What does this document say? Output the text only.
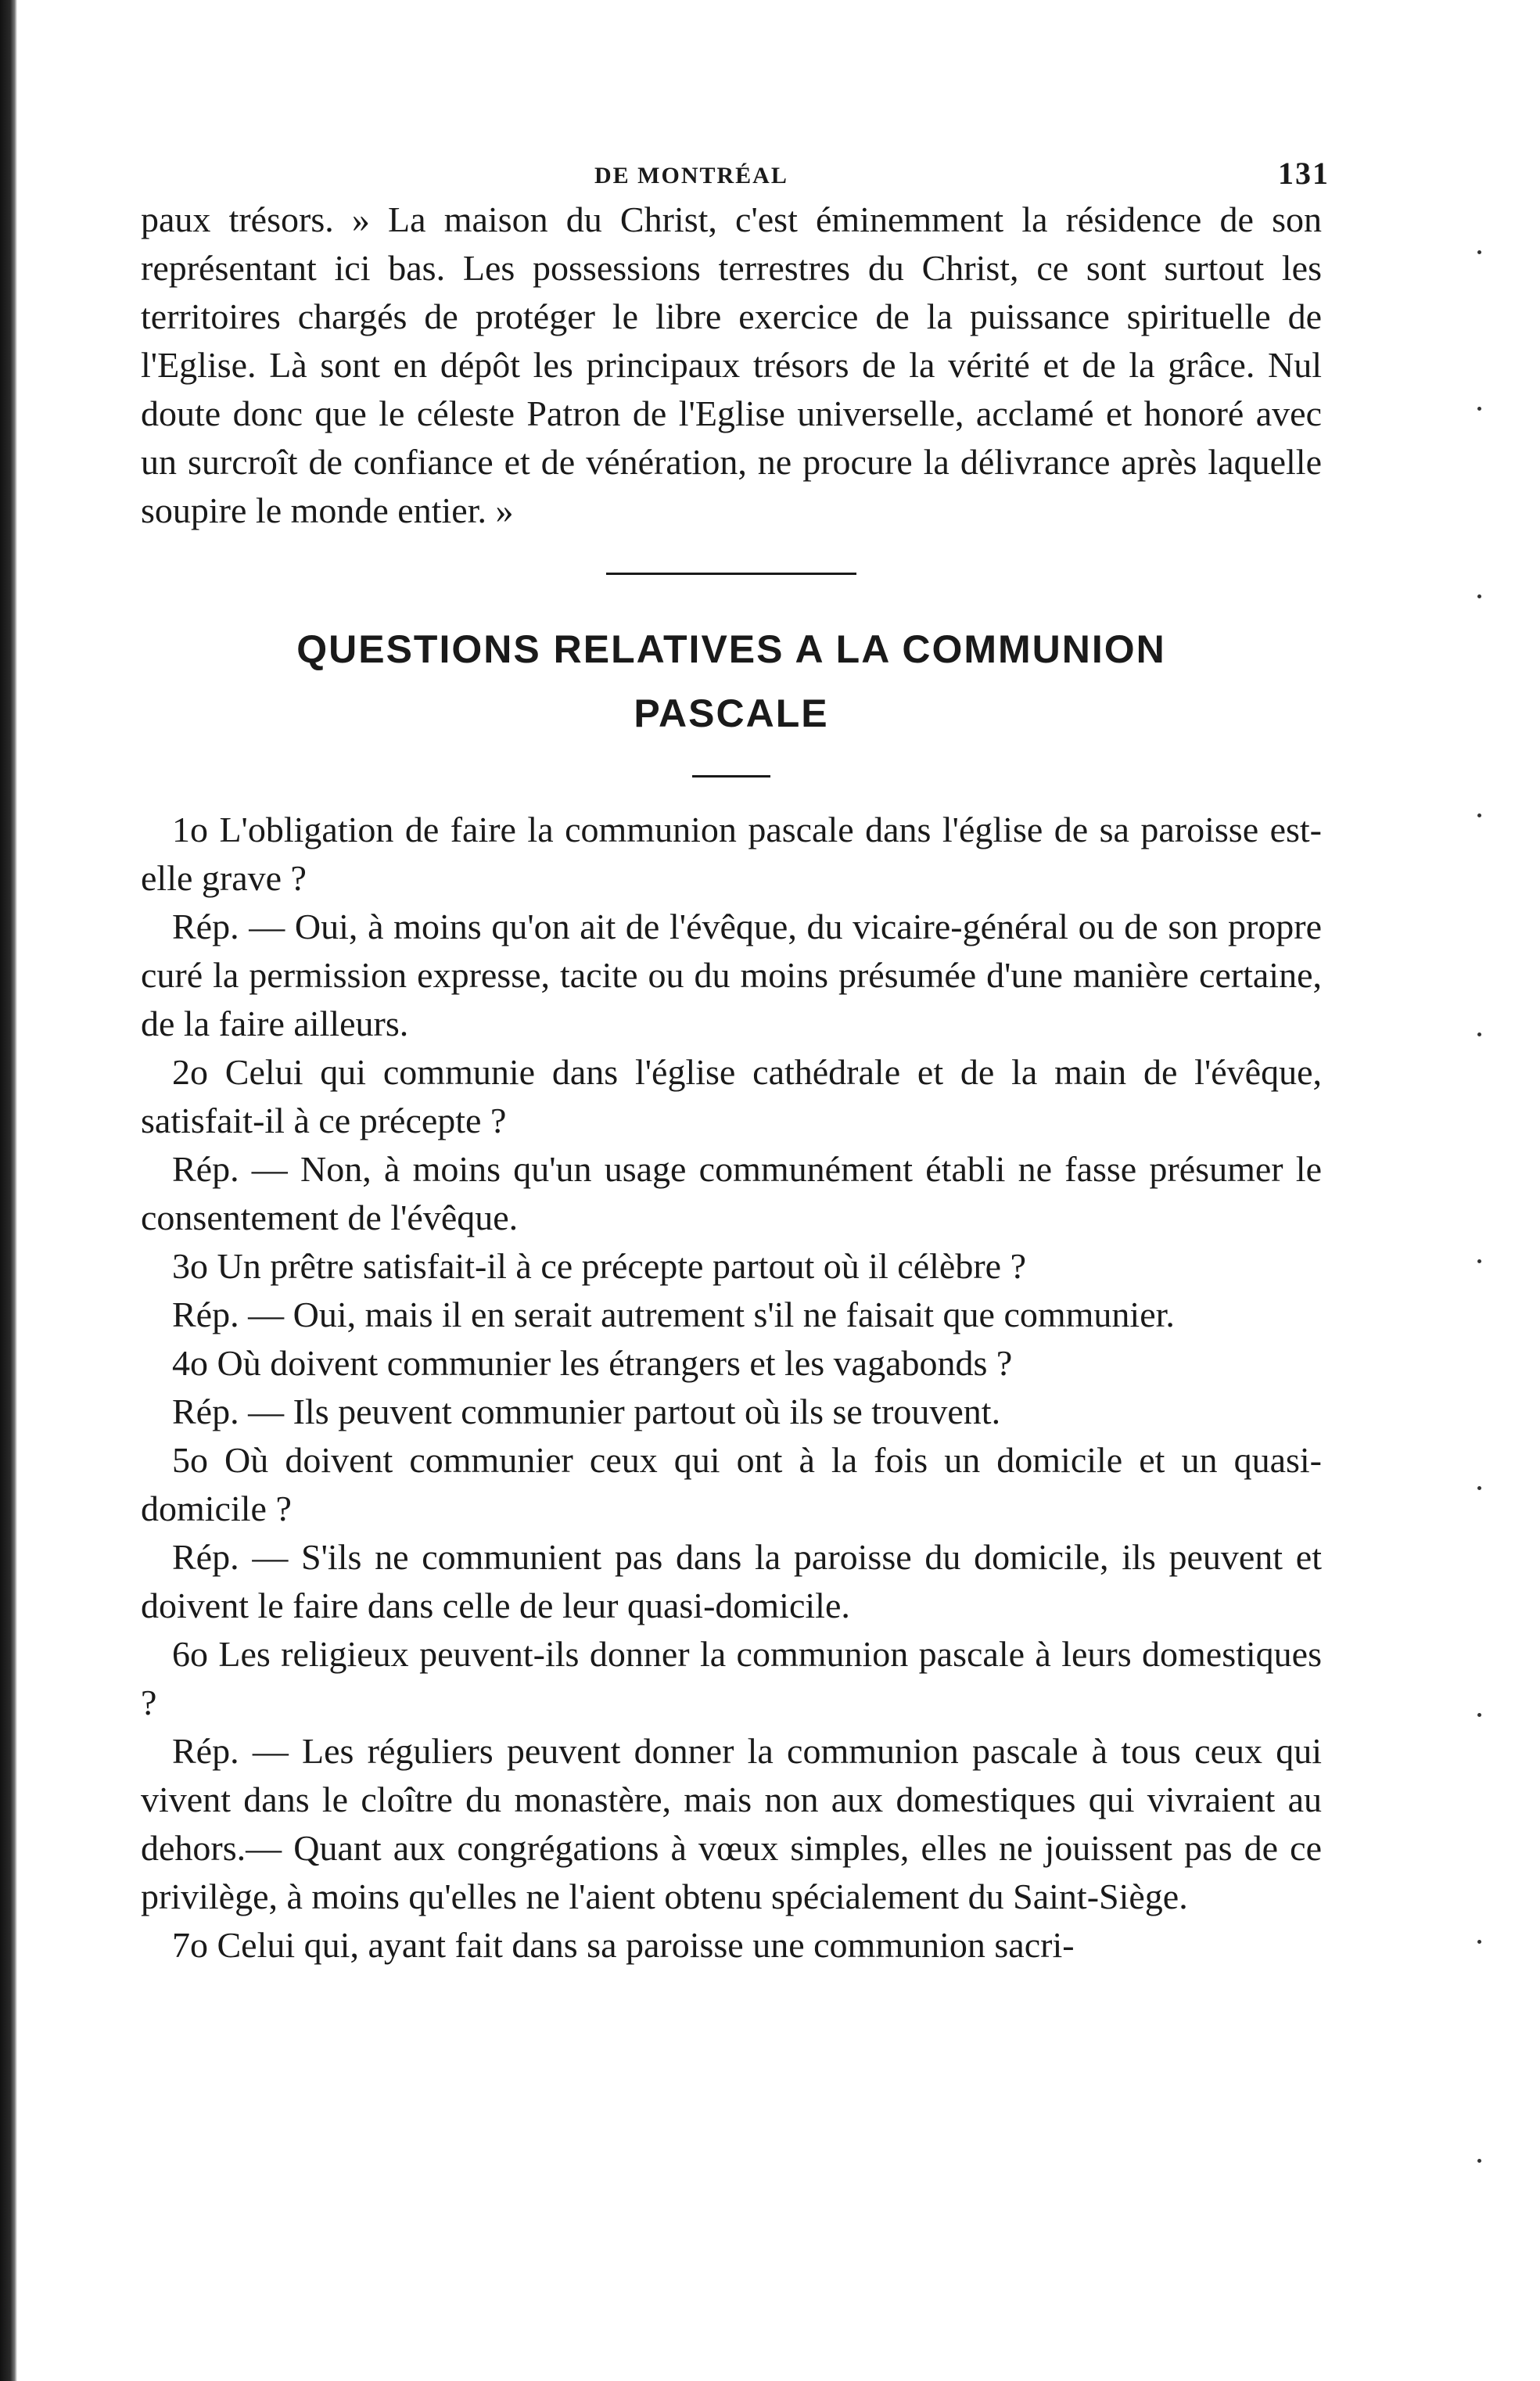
DE MONTRÉAL	131

paux trésors. » La maison du Christ, c'est éminemment la résidence de son représentant ici bas. Les possessions terrestres du Christ, ce sont surtout les territoires chargés de protéger le libre exercice de la puissance spirituelle de l'Eglise. Là sont en dépôt les principaux trésors de la vérité et de la grâce. Nul doute donc que le céleste Patron de l'Eglise universelle, acclamé et honoré avec un surcroît de confiance et de vénération, ne procure la délivrance après laquelle soupire le monde entier. »

QUESTIONS RELATIVES A LA COMMUNION

PASCALE

1o L'obligation de faire la communion pascale dans l'église de sa paroisse est-elle grave ?

Rép. — Oui, à moins qu'on ait de l'évêque, du vicaire-général ou de son propre curé la permission expresse, tacite ou du moins présumée d'une manière certaine, de la faire ailleurs.

2o Celui qui communie dans l'église cathédrale et de la main de l'évêque, satisfait-il à ce précepte ?

Rép. — Non, à moins qu'un usage communément établi ne fasse présumer le consentement de l'évêque.

3o Un prêtre satisfait-il à ce précepte partout où il célèbre ?

Rép. — Oui, mais il en serait autrement s'il ne faisait que communier.

4o Où doivent communier les étrangers et les vagabonds ?

Rép. — Ils peuvent communier partout où ils se trouvent.

5o Où doivent communier ceux qui ont à la fois un domicile et un quasi-domicile ?

Rép. — S'ils ne communient pas dans la paroisse du domicile, ils peuvent et doivent le faire dans celle de leur quasi-domicile.

6o Les religieux peuvent-ils donner la communion pascale à leurs domestiques ?

Rép. — Les réguliers peuvent donner la communion pascale à tous ceux qui vivent dans le cloître du monastère, mais non aux domestiques qui vivraient au dehors.— Quant aux congrégations à vœux simples, elles ne jouissent pas de ce privilège, à moins qu'elles ne l'aient obtenu spécialement du Saint-Siège.

7o Celui qui, ayant fait dans sa paroisse une communion sacri-
